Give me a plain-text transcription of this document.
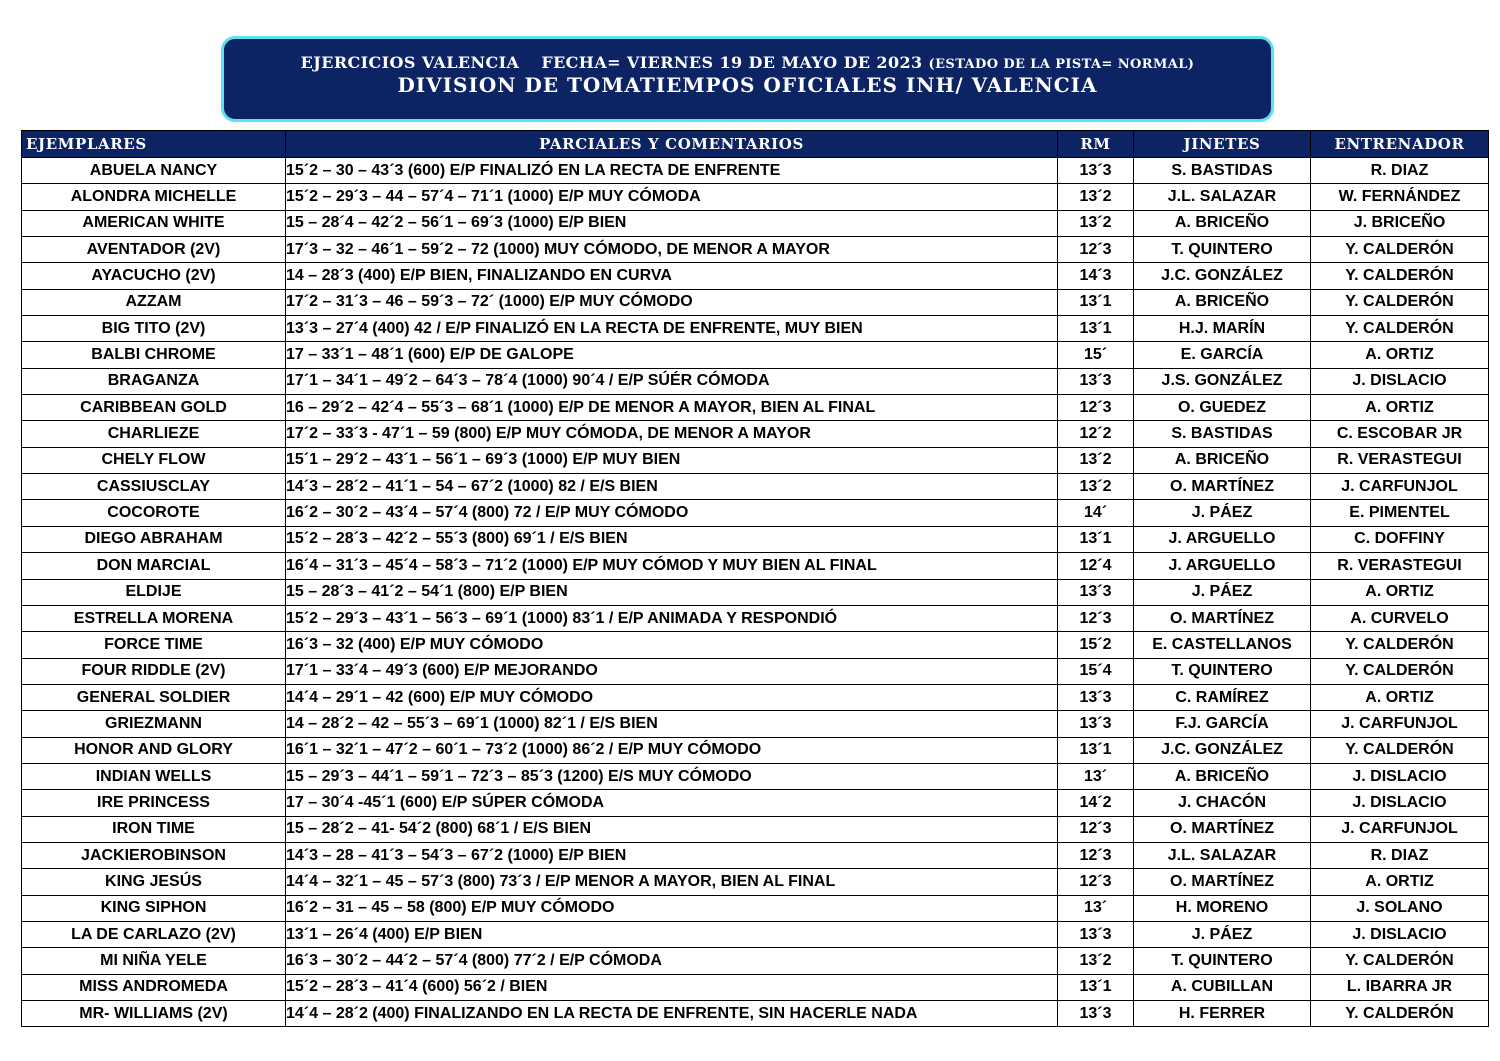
EJERCICIOS VALENCIA FECHA= VIERNES 19 DE MAYO DE 2023 (ESTADO DE LA PISTA= NORMAL)
DIVISION DE TOMATIEMPOS OFICIALES INH/ VALENCIA
EJEMPLARES	PARCIALES Y COMENTARIOS	RM	JINETES	ENTRENADOR
ABUELA NANCY	15´2 – 30 – 43´3 (600) E/P FINALIZÓ EN LA RECTA DE ENFRENTE	13´3	S. BASTIDAS	R. DIAZ
ALONDRA MICHELLE	15´2 – 29´3 – 44 – 57´4 – 71´1 (1000) E/P MUY CÓMODA	13´2	J.L. SALAZAR	W. FERNÁNDEZ
AMERICAN WHITE	15 – 28´4 – 42´2 – 56´1 – 69´3 (1000) E/P BIEN	13´2	A. BRICEÑO	J. BRICEÑO
AVENTADOR (2V)	17´3 – 32 – 46´1 – 59´2 – 72 (1000) MUY CÓMODO, DE MENOR A MAYOR	12´3	T. QUINTERO	Y. CALDERÓN
AYACUCHO (2V)	14 – 28´3 (400) E/P BIEN, FINALIZANDO EN CURVA	14´3	J.C. GONZÁLEZ	Y. CALDERÓN
AZZAM	17´2 – 31´3 – 46 – 59´3 – 72´ (1000) E/P MUY CÓMODO	13´1	A. BRICEÑO	Y. CALDERÓN
BIG TITO (2V)	13´3 – 27´4 (400) 42 / E/P FINALIZÓ EN LA RECTA DE ENFRENTE, MUY BIEN	13´1	H.J. MARÍN	Y. CALDERÓN
BALBI CHROME	17 – 33´1 – 48´1 (600) E/P DE GALOPE	15´	E. GARCÍA	A. ORTIZ
BRAGANZA	17´1 – 34´1 – 49´2 – 64´3 – 78´4 (1000) 90´4 / E/P SÚÉR CÓMODA	13´3	J.S. GONZÁLEZ	J. DISLACIO
CARIBBEAN GOLD	16 – 29´2 – 42´4 – 55´3 – 68´1 (1000) E/P DE MENOR A MAYOR, BIEN AL FINAL	12´3	O. GUEDEZ	A. ORTIZ
CHARLIEZE	17´2 – 33´3 - 47´1 – 59 (800) E/P MUY CÓMODA, DE MENOR A MAYOR	12´2	S. BASTIDAS	C. ESCOBAR JR
CHELY FLOW	15´1 – 29´2 – 43´1 – 56´1 – 69´3 (1000) E/P MUY BIEN	13´2	A. BRICEÑO	R. VERASTEGUI
CASSIUSCLAY	14´3 – 28´2 – 41´1 – 54 – 67´2 (1000) 82 / E/S BIEN	13´2	O. MARTÍNEZ	J. CARFUNJOL
COCOROTE	16´2 – 30´2 – 43´4 – 57´4 (800) 72 / E/P MUY CÓMODO	14´	J. PÁEZ	E. PIMENTEL
DIEGO ABRAHAM	15´2 – 28´3 – 42´2 – 55´3 (800) 69´1 / E/S BIEN	13´1	J. ARGUELLO	C. DOFFINY
DON MARCIAL	16´4 – 31´3 – 45´4 – 58´3 – 71´2 (1000) E/P MUY CÓMOD Y MUY BIEN AL FINAL	12´4	J. ARGUELLO	R. VERASTEGUI
ELDIJE	15 – 28´3 – 41´2 – 54´1 (800) E/P BIEN	13´3	J. PÁEZ	A. ORTIZ
ESTRELLA MORENA	15´2 – 29´3 – 43´1 – 56´3 – 69´1 (1000) 83´1 / E/P ANIMADA Y RESPONDIÓ	12´3	O. MARTÍNEZ	A. CURVELO
FORCE TIME	16´3 – 32 (400) E/P MUY CÓMODO	15´2	E. CASTELLANOS	Y. CALDERÓN
FOUR RIDDLE (2V)	17´1 – 33´4 – 49´3 (600) E/P MEJORANDO	15´4	T. QUINTERO	Y. CALDERÓN
GENERAL SOLDIER	14´4 – 29´1 – 42 (600) E/P MUY CÓMODO	13´3	C. RAMÍREZ	A. ORTIZ
GRIEZMANN	14 – 28´2 – 42 – 55´3 – 69´1 (1000) 82´1 / E/S BIEN	13´3	F.J. GARCÍA	J. CARFUNJOL
HONOR AND GLORY	16´1 – 32´1 – 47´2 – 60´1 – 73´2 (1000) 86´2 / E/P MUY CÓMODO	13´1	J.C. GONZÁLEZ	Y. CALDERÓN
INDIAN WELLS	15 – 29´3 – 44´1 – 59´1 – 72´3 – 85´3 (1200) E/S MUY CÓMODO	13´	A. BRICEÑO	J. DISLACIO
IRE PRINCESS	17 – 30´4 -45´1 (600) E/P SÚPER CÓMODA	14´2	J. CHACÓN	J. DISLACIO
IRON TIME	15 – 28´2 – 41- 54´2 (800) 68´1 / E/S BIEN	12´3	O. MARTÍNEZ	J. CARFUNJOL
JACKIEROBINSON	14´3 – 28 – 41´3 – 54´3 – 67´2 (1000) E/P BIEN	12´3	J.L. SALAZAR	R. DIAZ
KING JESÚS	14´4 – 32´1 – 45 – 57´3 (800) 73´3 / E/P MENOR A MAYOR, BIEN AL FINAL	12´3	O. MARTÍNEZ	A. ORTIZ
KING SIPHON	16´2 – 31 – 45 – 58 (800) E/P MUY CÓMODO	13´	H. MORENO	J. SOLANO
LA DE CARLAZO (2V)	13´1 – 26´4 (400) E/P BIEN	13´3	J. PÁEZ	J. DISLACIO
MI NIÑA YELE	16´3 – 30´2 – 44´2 – 57´4 (800) 77´2 / E/P CÓMODA	13´2	T. QUINTERO	Y. CALDERÓN
MISS ANDROMEDA	15´2 – 28´3 – 41´4 (600) 56´2 / BIEN	13´1	A. CUBILLAN	L. IBARRA JR
MR- WILLIAMS (2V)	14´4 – 28´2 (400) FINALIZANDO EN LA RECTA DE ENFRENTE, SIN HACERLE NADA	13´3	H. FERRER	Y. CALDERÓN
